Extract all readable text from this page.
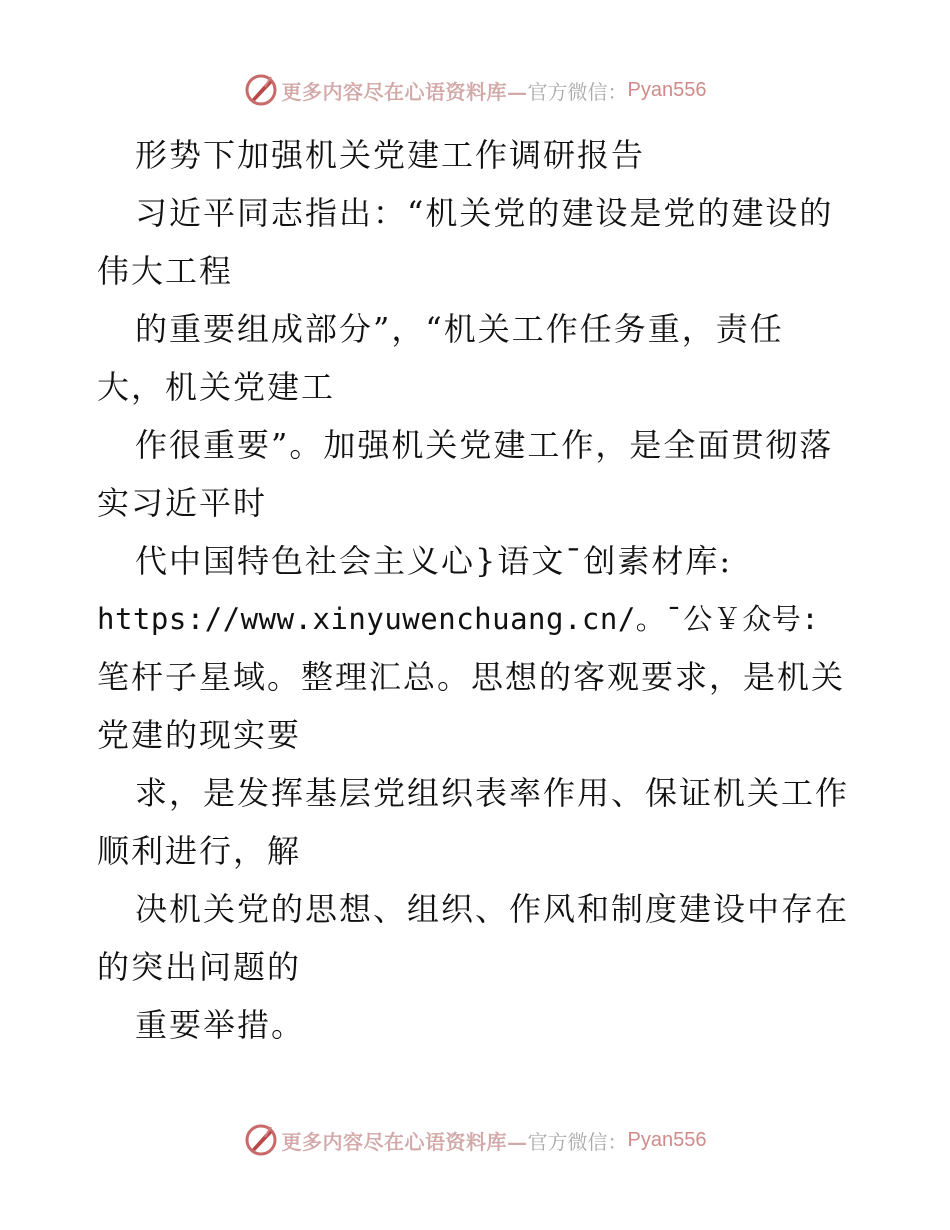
更多内容尽在心语资料库— 官方微信： Pyan556
形势下加强机关党建工作调研报告
习近平同志指出：“机关党的建设是党的建设的
伟大工程
的重要组成部分”，“机关工作任务重，责任
大，机关党建工
作很重要”。加强机关党建工作，是全面贯彻落
实习近平时
代中国特色社会主义心}语文¯创素材库:
https://www.xinyuwenchuang.cn/。¯公￥众号:
笔杆子星域。整理汇总。思想的客观要求，是机关
党建的现实要
求，是发挥基层党组织表率作用、保证机关工作
顺利进行，解
决机关党的思想、组织、作风和制度建设中存在
的突出问题的
重要举措。
更多内容尽在心语资料库— 官方微信： Pyan556
